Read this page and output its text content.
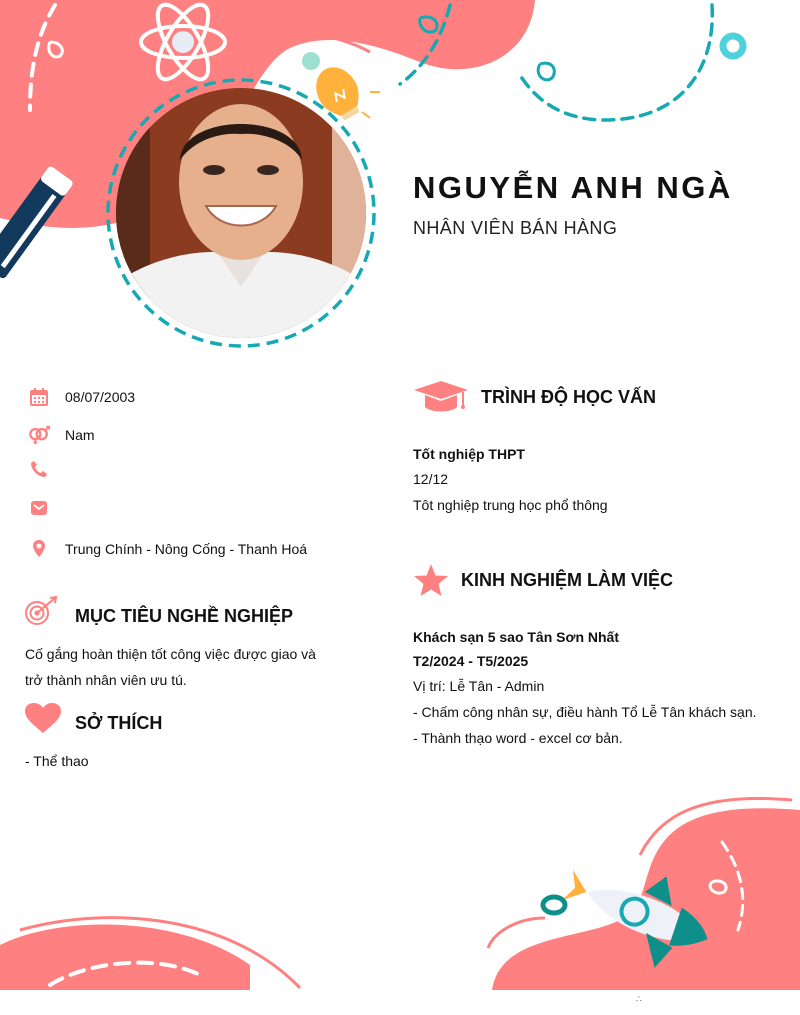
NGUYỄN ANH NGÀ
NHÂN VIÊN BÁN HÀNG
08/07/2003
Nam
Trung Chính - Nông Cống - Thanh Hoá
MỤC TIÊU NGHỀ NGHIỆP
Cố gắng hoàn thiện tốt công việc được giao và
trở thành nhân viên ưu tú.
SỞ THÍCH
- Thể thao
TRÌNH ĐỘ HỌC VẤN
Tốt nghiệp THPT
12/12
Tôt nghiệp trung học phổ thông
KINH NGHIỆM LÀM VIỆC
Khách sạn 5 sao Tân Sơn Nhất
T2/2024 - T5/2025
Vị trí: Lễ Tân - Admin
- Chấm công nhân sự, điều hành Tổ Lễ Tân khách sạn.
- Thành thạo word - excel cơ bản.
∴
